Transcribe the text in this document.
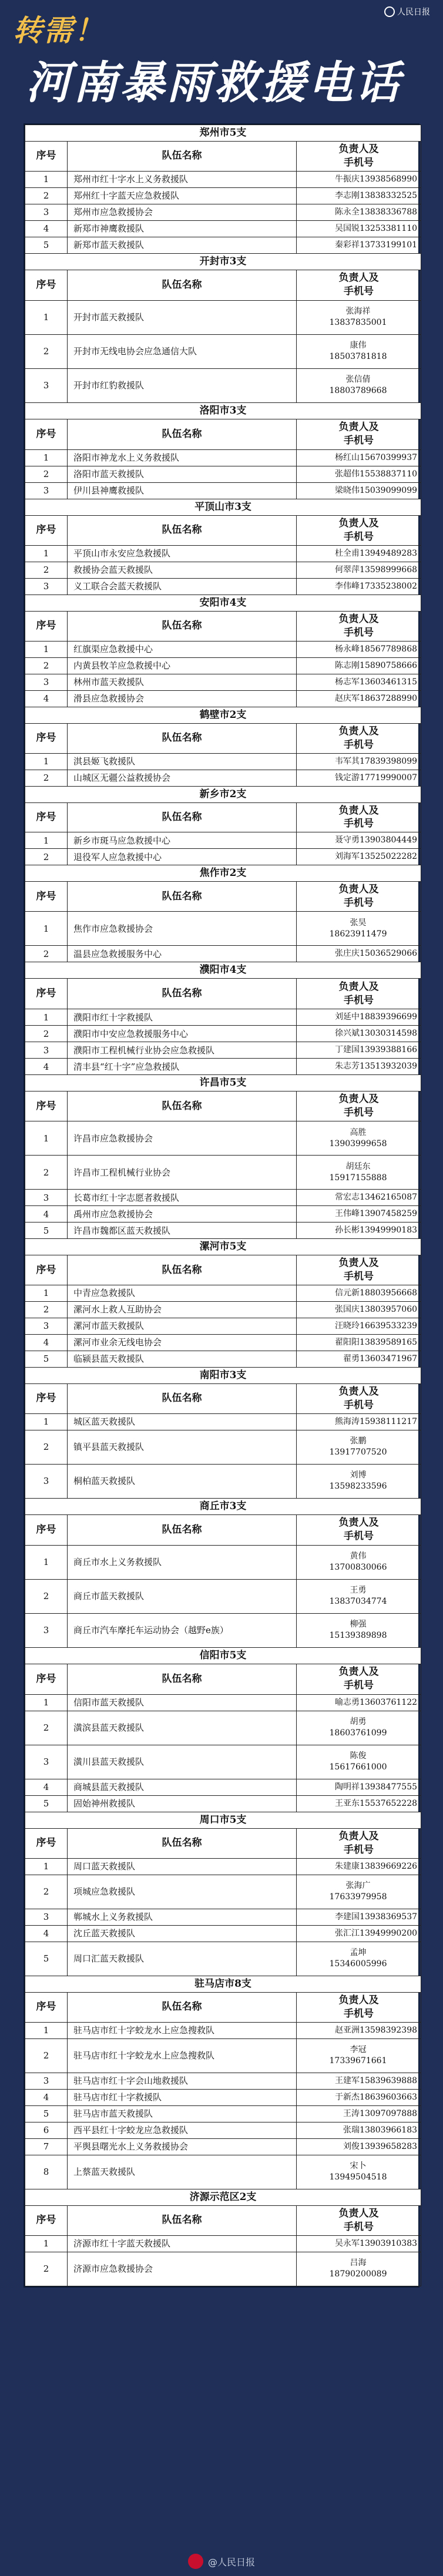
转需！
人民日报
河南暴雨救援电话
郑州市5支		
序号	队伍名称	负责人及
手机号

1	郑州市红十字水上义务救援队	牛振庆13938568990

2	郑州红十字蓝天应急救援队	李志刚13838332525

3	郑州市应急救援协会	陈永全13838336788

4	新郑市神鹰救援队	吴国锐13253381110

5	新郑市蓝天救援队	秦彩祥13733199101

开封市3支		
序号	队伍名称	负责人及
手机号

1	开封市蓝天救援队	张海祥
13837835001

2	开封市无线电协会应急通信大队	康伟
18503781818

3	开封市红豹救援队	张信倩
18803789668

洛阳市3支		
序号	队伍名称	负责人及
手机号

1	洛阳市神龙水上义务救援队	杨红山15670399937

2	洛阳市蓝天救援队	张超伟15538837110

3	伊川县神鹰救援队	梁晓伟15039099099

平顶山市3支		
序号	队伍名称	负责人及
手机号

1	平顶山市永安应急救援队	杜全甫13949489283

2	救援协会蓝天救援队	何翠萍13598999668

3	义工联合会蓝天救援队	李伟峰17335238002

安阳市4支		
序号	队伍名称	负责人及
手机号

1	红旗渠应急救援中心	杨永峰18567789868

2	内黄县牧羊应急救援中心	陈志刚15890758666

3	林州市蓝天救援队	杨志军13603461315

4	滑县应急救援协会	赵庆军18637288990

鹤壁市2支		
序号	队伍名称	负责人及
手机号

1	淇县姬飞救援队	韦军其17839398099

2	山城区无疆公益救援协会	钱定游17719990007

新乡市2支		
序号	队伍名称	负责人及
手机号

1	新乡市斑马应急救援中心	聂守勇13903804449

2	退役军人应急救援中心	刘海军13525022282

焦作市2支		
序号	队伍名称	负责人及
手机号

1	焦作市应急救援协会	张昊
18623911479

2	温县应急救援服务中心	张庄庆15036529066

濮阳市4支		
序号	队伍名称	负责人及
手机号

1	濮阳市红十字救援队	刘延中18839396699

2	濮阳市中安应急救援服务中心	徐兴斌13030314598

3	濮阳市工程机械行业协会应急救援队	丁建国13939388166

4	清丰县“红十字”应急救援队	朱志芳13513932039

许昌市5支		
序号	队伍名称	负责人及
手机号

1	许昌市应急救援协会	高胜
13903999658

2	许昌市工程机械行业协会	胡廷东
15917155888

3	长葛市红十字志愿者救援队	常宏志13462165087

4	禹州市应急救援协会	王伟峰13907458259

5	许昌市魏都区蓝天救援队	孙长彬13949990183

漯河市5支		
序号	队伍名称	负责人及
手机号

1	中青应急救援队	信元新18803956668

2	漯河水上救人互助协会	张国庆13803957060

3	漯河市蓝天救援队	汪晓玲16639533239

4	漯河市业余无线电协会	翟阳阳13839589165

5	临颍县蓝天救援队	翟勇13603471967

南阳市3支		
序号	队伍名称	负责人及
手机号

1	城区蓝天救援队	熊海涛15938111217

2	镇平县蓝天救援队	张鹏
13917707520

3	桐柏蓝天救援队	刘博
13598233596

商丘市3支		
序号	队伍名称	负责人及
手机号

1	商丘市水上义务救援队	黄伟
13700830066

2	商丘市蓝天救援队	王勇
13837034774

3	商丘市汽车摩托车运动协会（越野e族）	柳强
15139389898

信阳市5支		
序号	队伍名称	负责人及
手机号

1	信阳市蓝天救援队	喻志勇13603761122

2	潢滨县蓝天救援队	胡勇
18603761099

3	潢川县蓝天救援队	陈俊
15617661000

4	商城县蓝天救援队	陶明祥13938477555

5	固始神州救援队	王亚东15537652228

周口市5支		
序号	队伍名称	负责人及
手机号

1	周口蓝天救援队	朱建康13839669226

2	项城应急救援队	张海广
17633979958

3	郸城水上义务救援队	李建国13938369537

4	沈丘蓝天救援队	张汇江13949990200

5	周口汇蓝天救援队	孟坤
15346005996

驻马店市8支		
序号	队伍名称	负责人及
手机号

1	驻马店市红十字蛟龙水上应急搜救队	赵亚洲13598392398

2	驻马店市红十字蛟龙水上应急搜救队	李冠
17339671661

3	驻马店市红十字会山地救援队	王建军15839639888

4	驻马店市红十字救援队	于新杰18639603663

5	驻马店市蓝天救援队	王涛13097097888

6	西平县红十字蛟龙应急救援队	张瑞13803966183

7	平舆县曙光水上义务救援协会	刘俊13939658283

8	上蔡蓝天救援队	宋卜
13949504518

济源示范区2支		
序号	队伍名称	负责人及
手机号

1	济源市红十字蓝天救援队	吴永军13903910383

2	济源市应急救援协会	吕海
18790200089
@人民日报
